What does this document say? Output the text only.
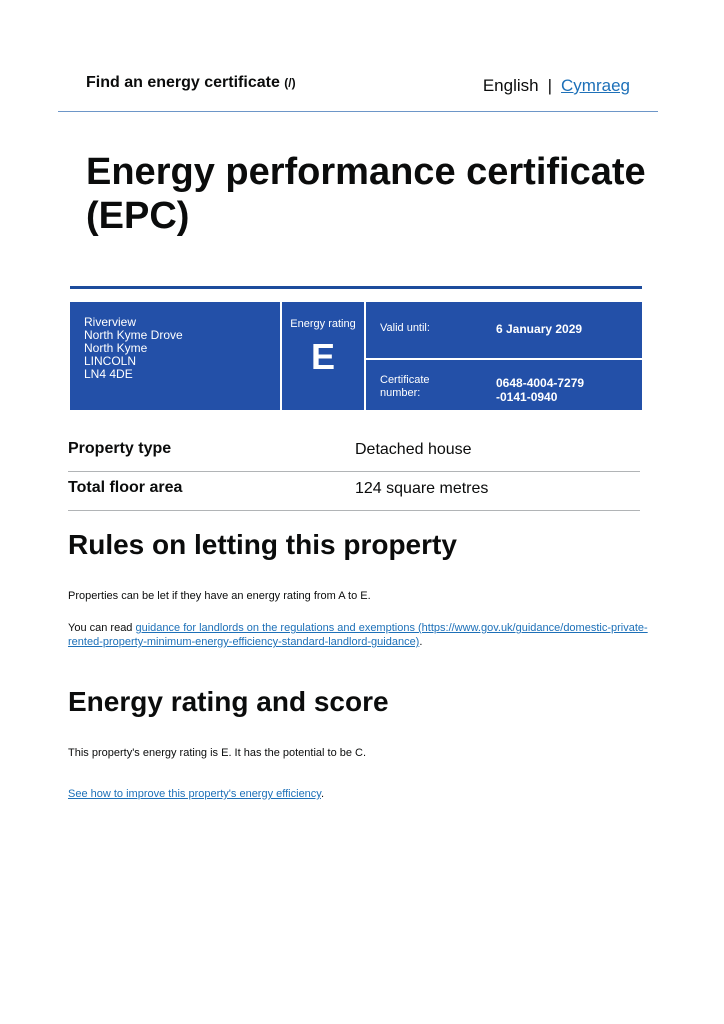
Find an energy certificate (/)	English | Cymraeg
Energy performance certificate (EPC)
Riverview
North Kyme Drove
North Kyme
LINCOLN
LN4 4DE
Energy rating
E
Valid until:	6 January 2029
Certificate
number:
0648-4004-7279
-0141-0940
Property type	Detached house
Total floor area	124 square metres
Rules on letting this property
Properties can be let if they have an energy rating from A to E.
You can read guidance for landlords on the regulations and exemptions (https://www.gov.uk/guidance/domestic-private-rented-property-minimum-energy-efficiency-standard-landlord-guidance).
Energy rating and score
This property's energy rating is E. It has the potential to be C.
See how to improve this property's energy efficiency.
